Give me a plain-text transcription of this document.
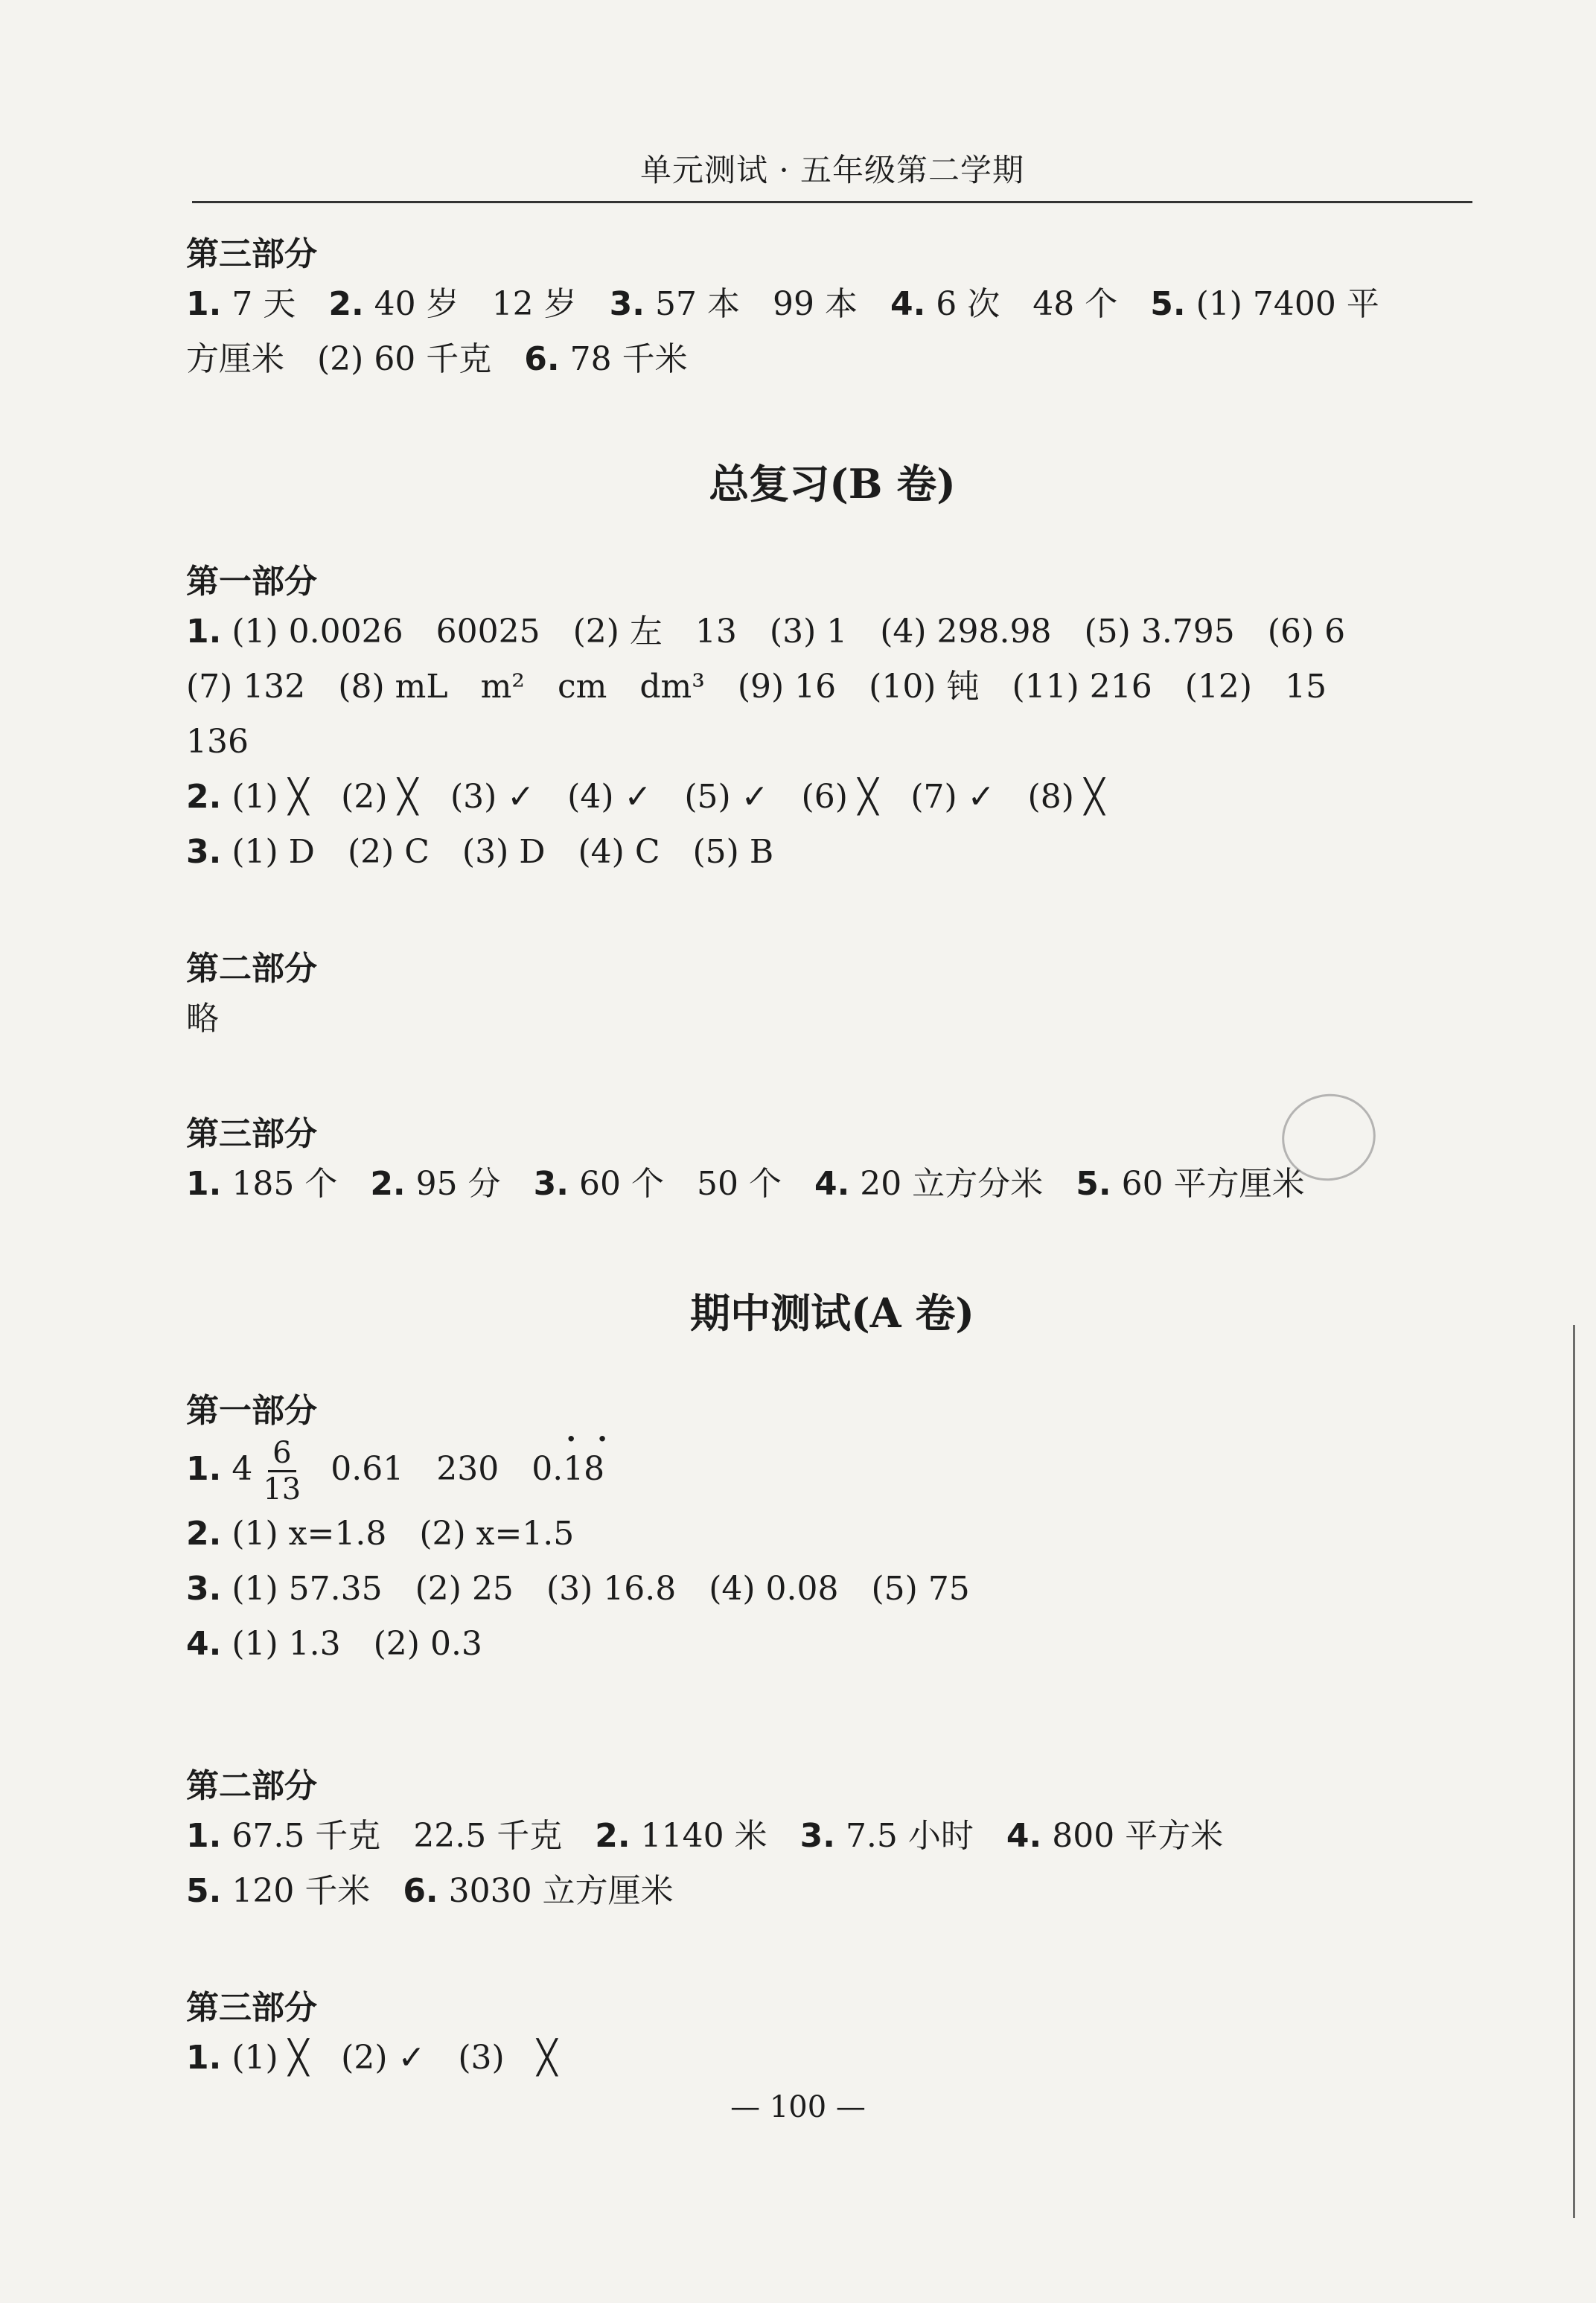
单元测试 · 五年级第二学期

第三部分

1. 7 天 2. 40 岁 12 岁 3. 57 本 99 本 4. 6 次 48 个 5. (1) 7400 平
方厘米 (2) 60 千克 6. 78 千米
总复习(B 卷)

第一部分

1. (1) 0.0026 60025 (2) 左 13 (3) 1 (4) 298.98 (5) 3.795 (6) 6
(7) 132 (8) mL m² cm dm³ (9) 16 (10) 钝 (11) 216 (12) 15
136
2. (1) ╳ (2) ╳ (3) ✓ (4) ✓ (5) ✓ (6) ╳ (7) ✓ (8) ╳
3. (1) D (2) C (3) D (4) C (5) B

第二部分

略

第三部分

1. 185 个 2. 95 分 3. 60 个 50 个 4. 20 立方分米 5. 60 平方厘米
期中测试(A 卷)

第一部分

1. $4 \frac{6}{13} 0.61$ 230 0.· · 18
2. (1) x=1.8 (2) x=1.5
3. (1) 57.35 (2) 25 (3) 16.8 (4) 0.08 (5) 75
4. (1) 1.3 (2) 0.3

第二部分

1. 67.5 千克 22.5 千克 2. 1140 米 3. 7.5 小时 4. 800 平方米
5. 120 千米 6. 3030 立方厘米

第三部分

1. (1) ╳ (2) ✓ (3) ╳
— 100 —
